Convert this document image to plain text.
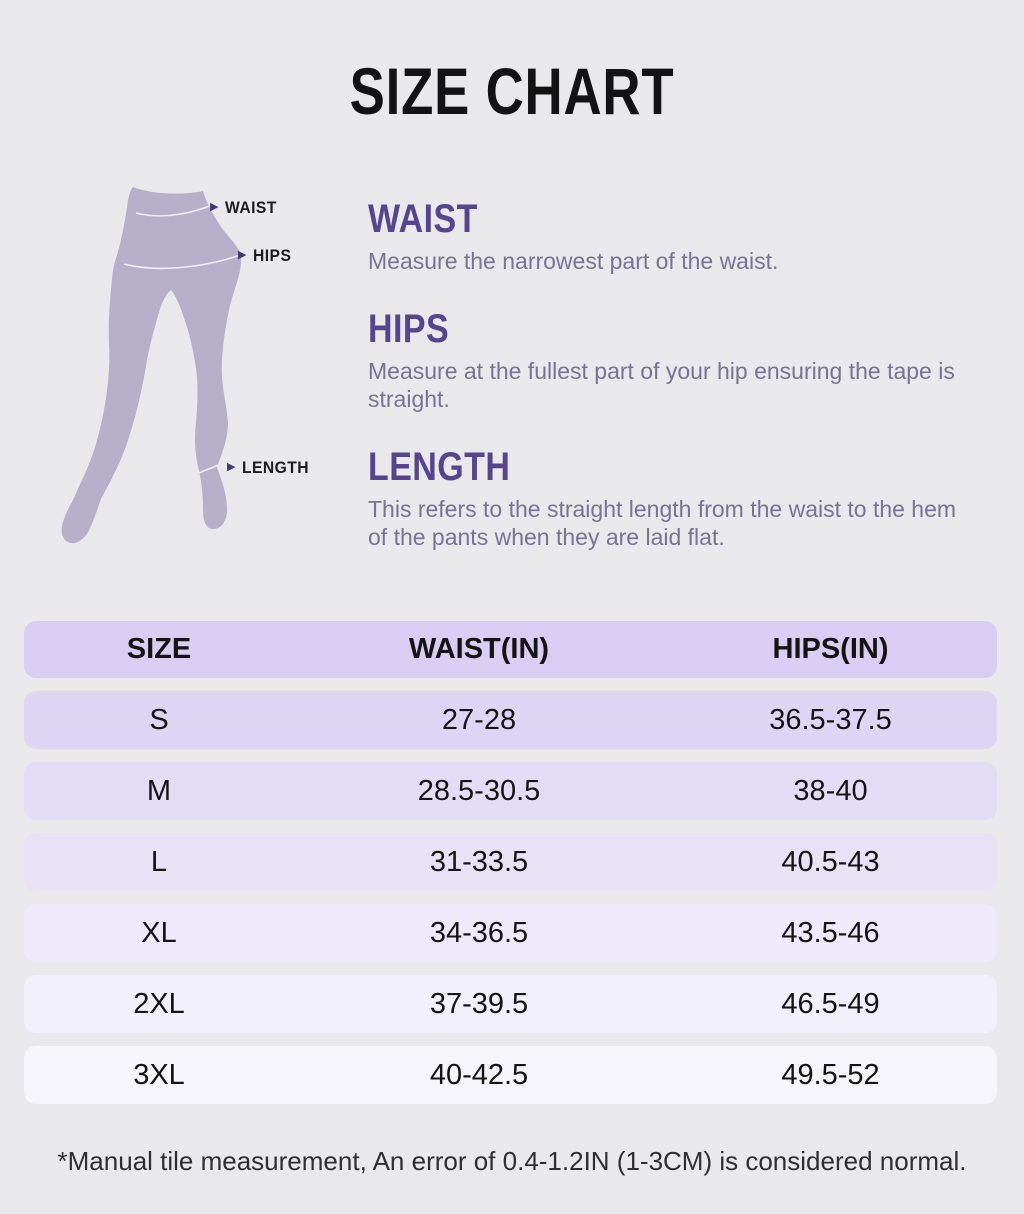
SIZE CHART
▶ WAIST
▶ HIPS
▶ LENGTH
WAIST

Measure the narrowest part of the waist.

HIPS

Measure at the fullest part of your hip ensuring the tape is straight.

LENGTH

This refers to the straight length from the waist to the hem of the pants when they are laid flat.

SIZE	WAIST(IN)	HIPS(IN)
S	27-28	36.5-37.5
M	28.5-30.5	38-40
L	31-33.5	40.5-43
XL	34-36.5	43.5-46
2XL	37-39.5	46.5-49
3XL	40-42.5	49.5-52

*Manual tile measurement, An error of 0.4-1.2IN (1-3CM) is considered normal.
